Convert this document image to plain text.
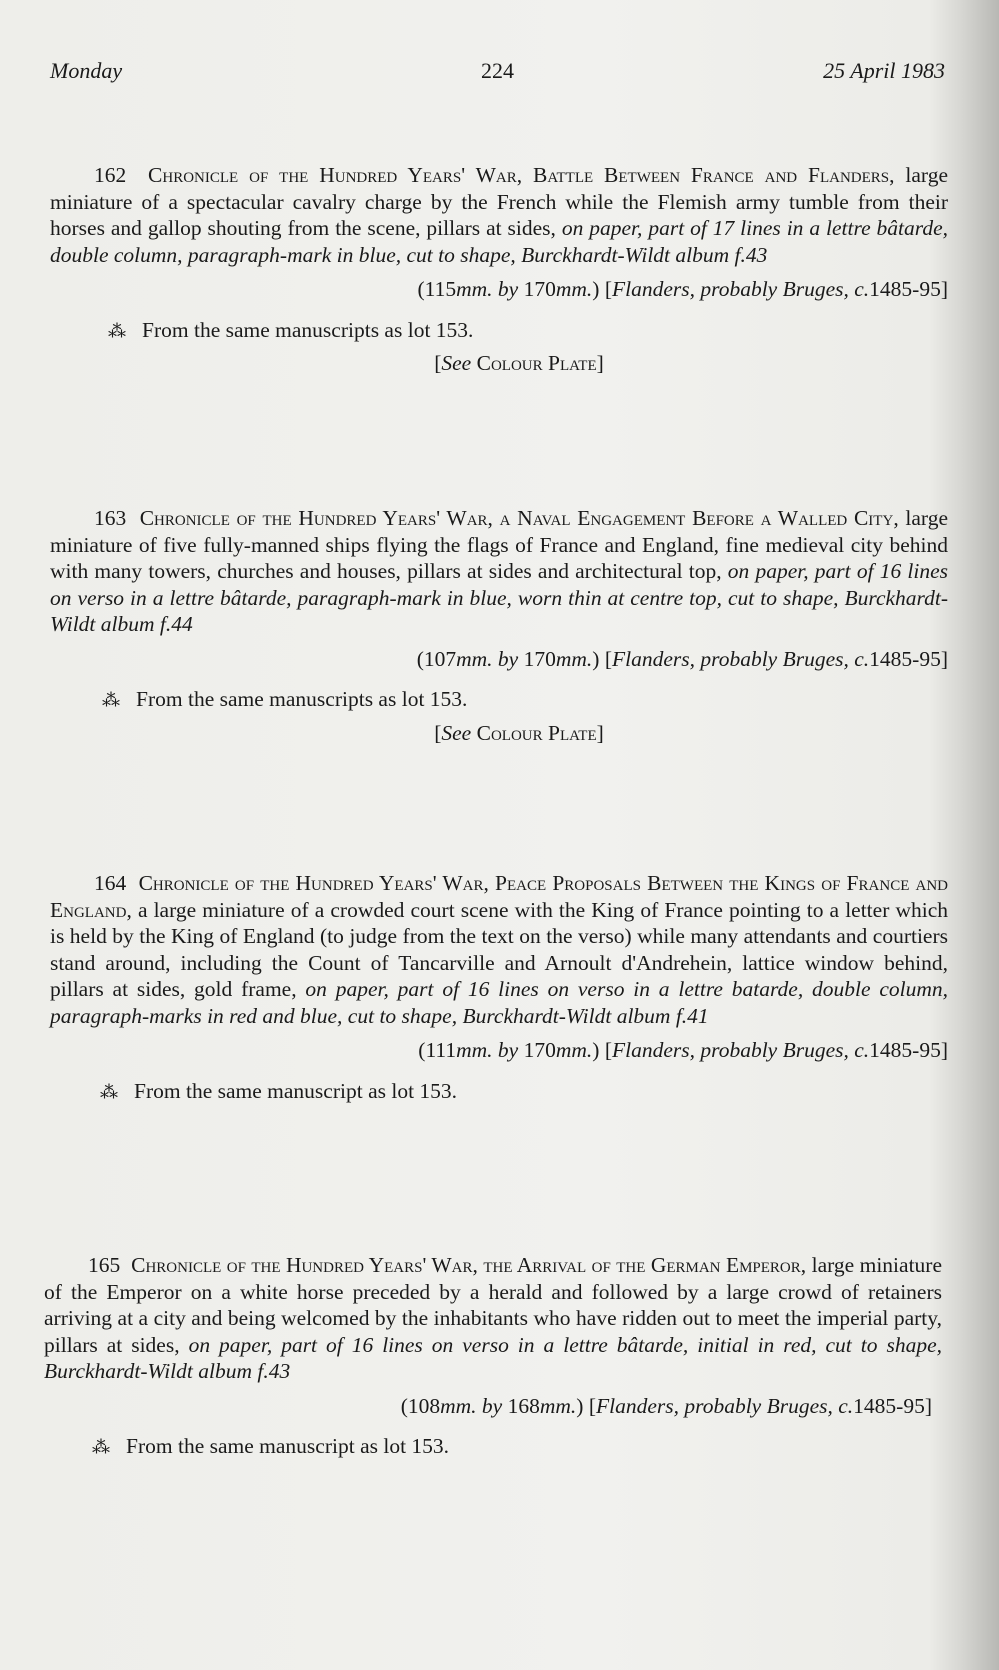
Monday	224	25 April 1983

162 Chronicle of the Hundred Years' War, Battle Between France and Flanders, large miniature of a spectacular cavalry charge by the French while the Flemish army tumble from their horses and gallop shouting from the scene, pillars at sides, on paper, part of 17 lines in a lettre bâtarde, double column, paragraph-mark in blue, cut to shape, Burckhardt-Wildt album f.43

(115mm. by 170mm.) [Flanders, probably Bruges, c.1485-95]
⁂ From the same manuscripts as lot 153.
[See Colour Plate]

163 Chronicle of the Hundred Years' War, a Naval Engagement Before a Walled City, large miniature of five fully-manned ships flying the flags of France and England, fine medieval city behind with many towers, churches and houses, pillars at sides and architectural top, on paper, part of 16 lines on verso in a lettre bâtarde, paragraph-mark in blue, worn thin at centre top, cut to shape, Burckhardt-Wildt album f.44

(107mm. by 170mm.) [Flanders, probably Bruges, c.1485-95]
⁂ From the same manuscripts as lot 153.
[See Colour Plate]

164 Chronicle of the Hundred Years' War, Peace Proposals Between the Kings of France and England, a large miniature of a crowded court scene with the King of France pointing to a letter which is held by the King of England (to judge from the text on the verso) while many attendants and courtiers stand around, including the Count of Tancarville and Arnoult d'Andrehein, lattice window behind, pillars at sides, gold frame, on paper, part of 16 lines on verso in a lettre batarde, double column, paragraph-marks in red and blue, cut to shape, Burckhardt-Wildt album f.41

(111mm. by 170mm.) [Flanders, probably Bruges, c.1485-95]
⁂ From the same manuscript as lot 153.

165 Chronicle of the Hundred Years' War, the Arrival of the German Emperor, large miniature of the Emperor on a white horse preceded by a herald and followed by a large crowd of retainers arriving at a city and being welcomed by the inhabitants who have ridden out to meet the imperial party, pillars at sides, on paper, part of 16 lines on verso in a lettre bâtarde, initial in red, cut to shape, Burckhardt-Wildt album f.43

(108mm. by 168mm.) [Flanders, probably Bruges, c.1485-95]
⁂ From the same manuscript as lot 153.
